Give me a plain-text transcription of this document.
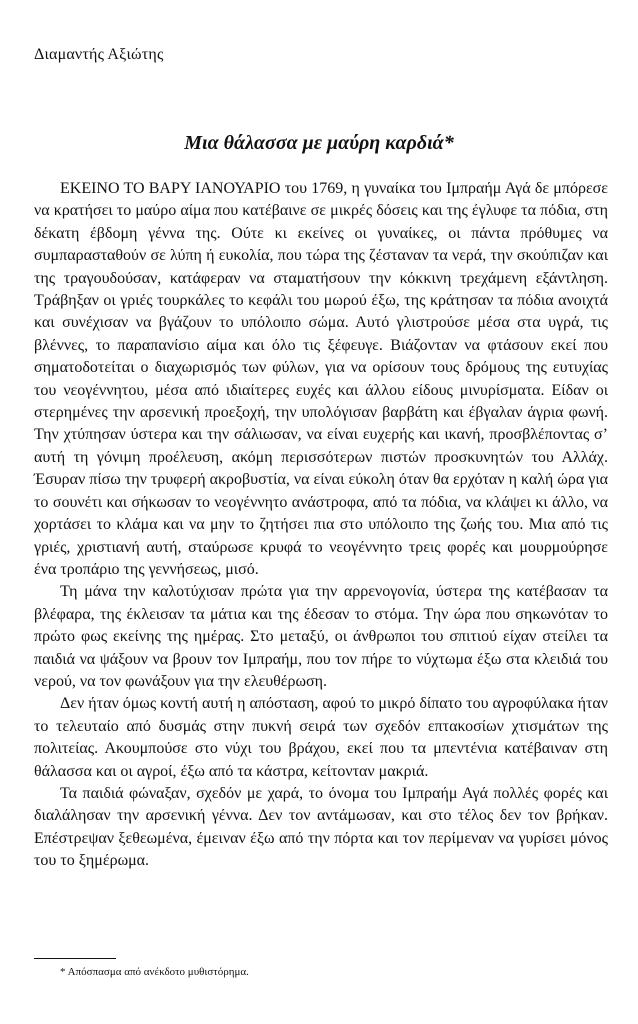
Διαμαντής Αξιώτης
Μια θάλασσα με μαύρη καρδιά*

ΕΚΕΙΝΟ ΤΟ ΒΑΡΥ ΙΑΝΟΥΑΡΙΟ του 1769, η γυναίκα του Ιμπραήμ Αγά δε μπόρεσε να κρατήσει το μαύρο αίμα που κατέβαινε σε μικρές δόσεις και της έγλυφε τα πόδια, στη δέκατη έβδομη γέννα της. Ούτε κι εκείνες οι γυναίκες, οι πάντα πρόθυμες να συμπαρασταθούν σε λύπη ή ευκολία, που τώρα της ζέσταναν τα νερά, την σκούπιζαν και της τραγουδούσαν, κατάφεραν να σταματήσουν την κόκκινη τρεχάμενη εξάντληση. Τράβηξαν οι γριές τουρκάλες το κεφάλι του μωρού έξω, της κράτησαν τα πόδια ανοιχτά και συνέχισαν να βγάζουν το υπόλοιπο σώμα. Αυτό γλιστρούσε μέσα στα υγρά, τις βλέννες, το παραπανίσιο αίμα και όλο τις ξέφευγε. Βιάζονταν να φτάσουν εκεί που σηματοδοτείται ο διαχωρισμός των φύλων, για να ορίσουν τους δρόμους της ευτυχίας του νεογέννητου, μέσα από ιδιαίτερες ευχές και άλλου είδους μινυρίσματα. Είδαν οι στερημένες την αρσενική προεξοχή, την υπολόγισαν βαρβάτη και έβγαλαν άγρια φωνή. Την χτύπησαν ύστερα και την σάλιωσαν, να είναι ευχερής και ικανή, προσβλέποντας σ’ αυτή τη γόνιμη προέλευση, ακόμη περισσότερων πιστών προσκυνητών του Αλλάχ. Έσυραν πίσω την τρυφερή ακροβυστία, να είναι εύκολη όταν θα ερχόταν η καλή ώρα για το σουνέτι και σήκωσαν το νεογέννητο ανάστροφα, από τα πόδια, να κλάψει κι άλλο, να χορτάσει το κλάμα και να μην το ζητήσει πια στο υπόλοιπο της ζωής του. Μια από τις γριές, χριστιανή αυτή, σταύρωσε κρυφά το νεογέννητο τρεις φορές και μουρμούρησε ένα τροπάριο της γεννήσεως, μισό.

Τη μάνα την καλοτύχισαν πρώτα για την αρρενογονία, ύστερα της κατέβασαν τα βλέφαρα, της έκλεισαν τα μάτια και της έδεσαν το στόμα. Την ώρα που σηκωνόταν το πρώτο φως εκείνης της ημέρας. Στο μεταξύ, οι άνθρωποι του σπιτιού είχαν στείλει τα παιδιά να ψάξουν να βρουν τον Ιμπραήμ, που τον πήρε το νύχτωμα έξω στα κλειδιά του νερού, να τον φωνάξουν για την ελευθέρωση.

Δεν ήταν όμως κοντή αυτή η απόσταση, αφού το μικρό δίπατο του αγροφύλακα ήταν το τελευταίο από δυσμάς στην πυκνή σειρά των σχεδόν επτακοσίων χτισμάτων της πολιτείας. Ακουμπούσε στο νύχι του βράχου, εκεί που τα μπεντένια κατέβαιναν στη θάλασσα και οι αγροί, έξω από τα κάστρα, κείτονταν μακριά.

Τα παιδιά φώναξαν, σχεδόν με χαρά, το όνομα του Ιμπραήμ Αγά πολλές φορές και διαλάλησαν την αρσενική γέννα. Δεν τον αντάμωσαν, και στο τέλος δεν τον βρήκαν. Επέστρεψαν ξεθεωμένα, έμειναν έξω από την πόρτα και τον περίμεναν να γυρίσει μόνος του το ξημέρωμα.

* Απόσπασμα από ανέκδοτο μυθιστόρημα.
